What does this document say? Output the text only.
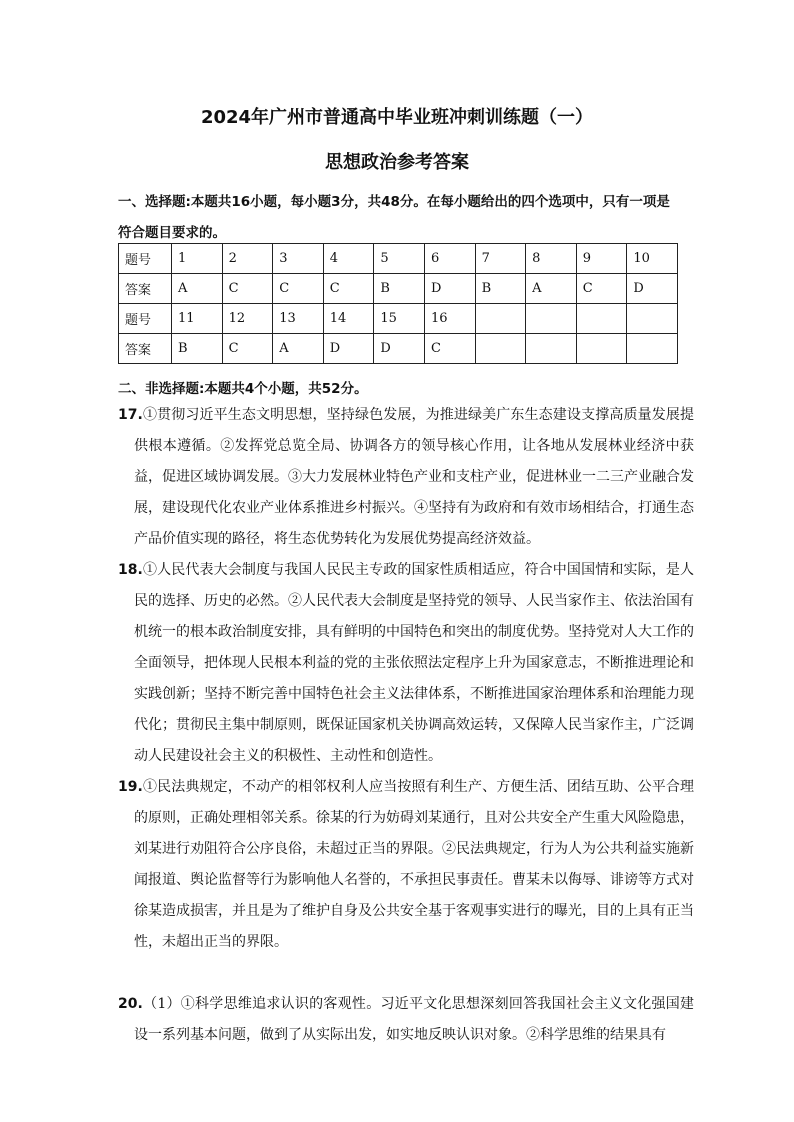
2024年广州市普通高中毕业班冲刺训练题（一）
思想政治参考答案
一、选择题:本题共16小题，每小题3分，共48分。在每小题给出的四个选项中，只有一项是符合题目要求的。
题号	1	2	3	4	5	6	7	8	9	10
答案	A	C	C	C	B	D	B	A	C	D
题号	11	12	13	14	15	16				
答案	B	C	A	D	D	C				
二、非选择题:本题共4个小题，共52分。
17.①贯彻习近平生态文明思想，坚持绿色发展，为推进绿美广东生态建设支撑高质量发展提供根本遵循。②发挥党总览全局、协调各方的领导核心作用，让各地从发展林业经济中获益，促进区域协调发展。③大力发展林业特色产业和支柱产业，促进林业一二三产业融合发展，建设现代化农业产业体系推进乡村振兴。④坚持有为政府和有效市场相结合，打通生态产品价值实现的路径，将生态优势转化为发展优势提高经济效益。
18.①人民代表大会制度与我国人民民主专政的国家性质相适应，符合中国国情和实际，是人民的选择、历史的必然。②人民代表大会制度是坚持党的领导、人民当家作主、依法治国有机统一的根本政治制度安排，具有鲜明的中国特色和突出的制度优势。坚持党对人大工作的全面领导，把体现人民根本利益的党的主张依照法定程序上升为国家意志，不断推进理论和实践创新；坚持不断完善中国特色社会主义法律体系，不断推进国家治理体系和治理能力现代化；贯彻民主集中制原则，既保证国家机关协调高效运转，又保障人民当家作主，广泛调动人民建设社会主义的积极性、主动性和创造性。
19.①民法典规定，不动产的相邻权利人应当按照有利生产、方便生活、团结互助、公平合理的原则，正确处理相邻关系。徐某的行为妨碍刘某通行，且对公共安全产生重大风险隐患，刘某进行劝阻符合公序良俗，未超过正当的界限。②民法典规定，行为人为公共利益实施新闻报道、舆论监督等行为影响他人名誉的，不承担民事责任。曹某未以侮辱、诽谤等方式对徐某造成损害，并且是为了维护自身及公共安全基于客观事实进行的曝光，目的上具有正当性，未超出正当的界限。
20.（1）①科学思维追求认识的客观性。习近平文化思想深刻回答我国社会主义文化强国建设一系列基本问题，做到了从实际出发，如实地反映认识对象。②科学思维的结果具有
